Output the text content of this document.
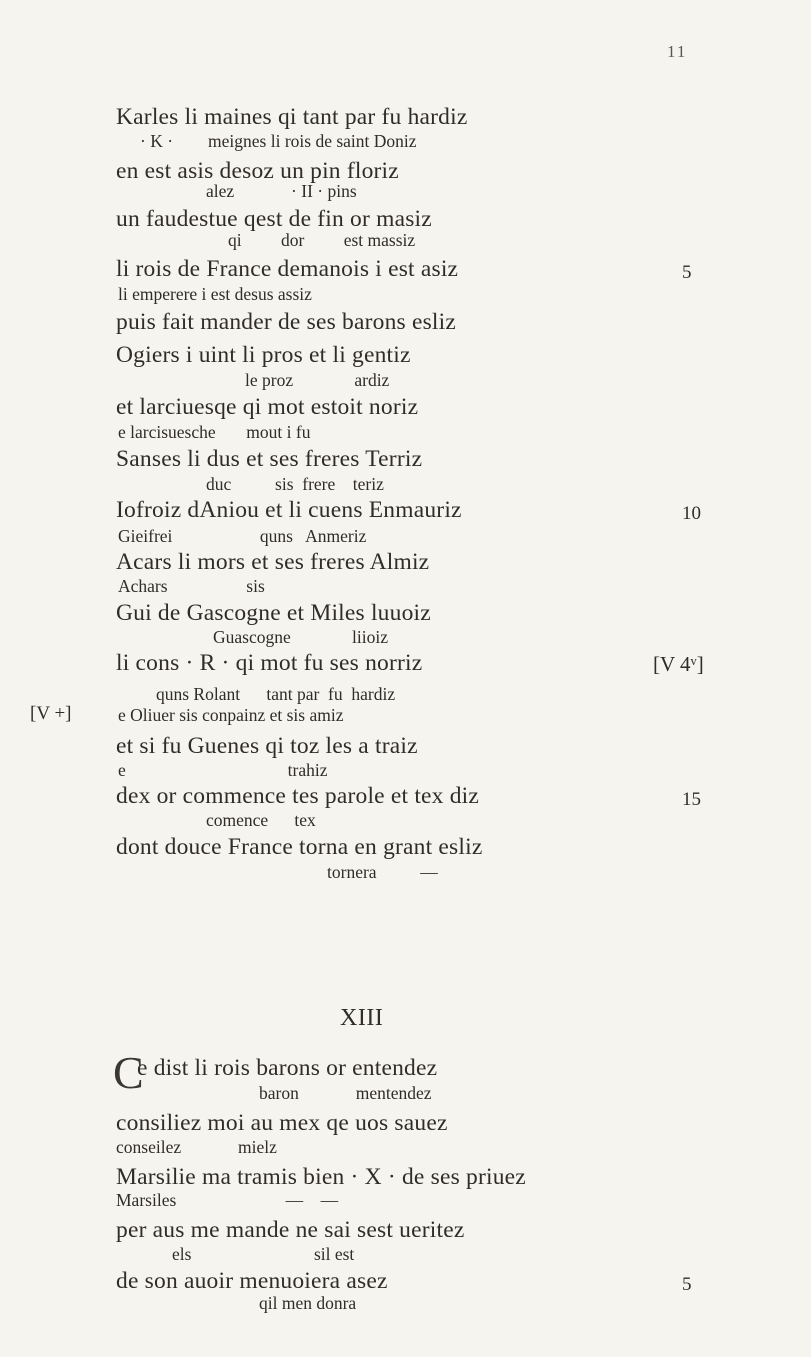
11
Karles li maines qi tant par fu hardiz
· K ·        meignes li rois de saint Doniz
en est asis desoz un pin floriz
alez             · II · pins
un faudestue qest de fin or masiz
qi         dor         est massiz
li rois de France demanois i est asiz
li emperere i est desus assiz
5
puis fait mander de ses barons esliz
Ogiers i uint li pros et li gentiz
le proz              ardiz
et larciuesqe qi mot estoit noriz
e larcisuesche       mout i fu
Sanses li dus et ses freres Terriz
duc          sis  frere    teriz
Iofroiz dAniou et li cuens Enmauriz
Gieifrei                    quns   Anmeriz
10
Acars li mors et ses freres Almiz
Achars                  sis
Gui de Gascogne et Miles luuoiz
Guascogne              liioiz
li cons · R · qi mot fu ses norriz
quns Rolant      tant par  fu  hardiz
[V 4ᵛ]
[V +]	e Oliuer sis conpainz et sis amiz
et si fu Guenes qi toz les a traiz
e                                     trahiz
dex or commence tes parole et tex diz
comence      tex
15
dont douce France torna en grant esliz
tornera          —
XIII
C
e dist li rois barons or entendez
baron             mentendez
consiliez moi au mex qe uos sauez
conseilez             mielz
Marsilie ma tramis bien · X · de ses priuez
Marsiles                         —    —
per aus me mande ne sai sest ueritez
els                            sil est
de son auoir menuoiera asez
qil men donra
5
